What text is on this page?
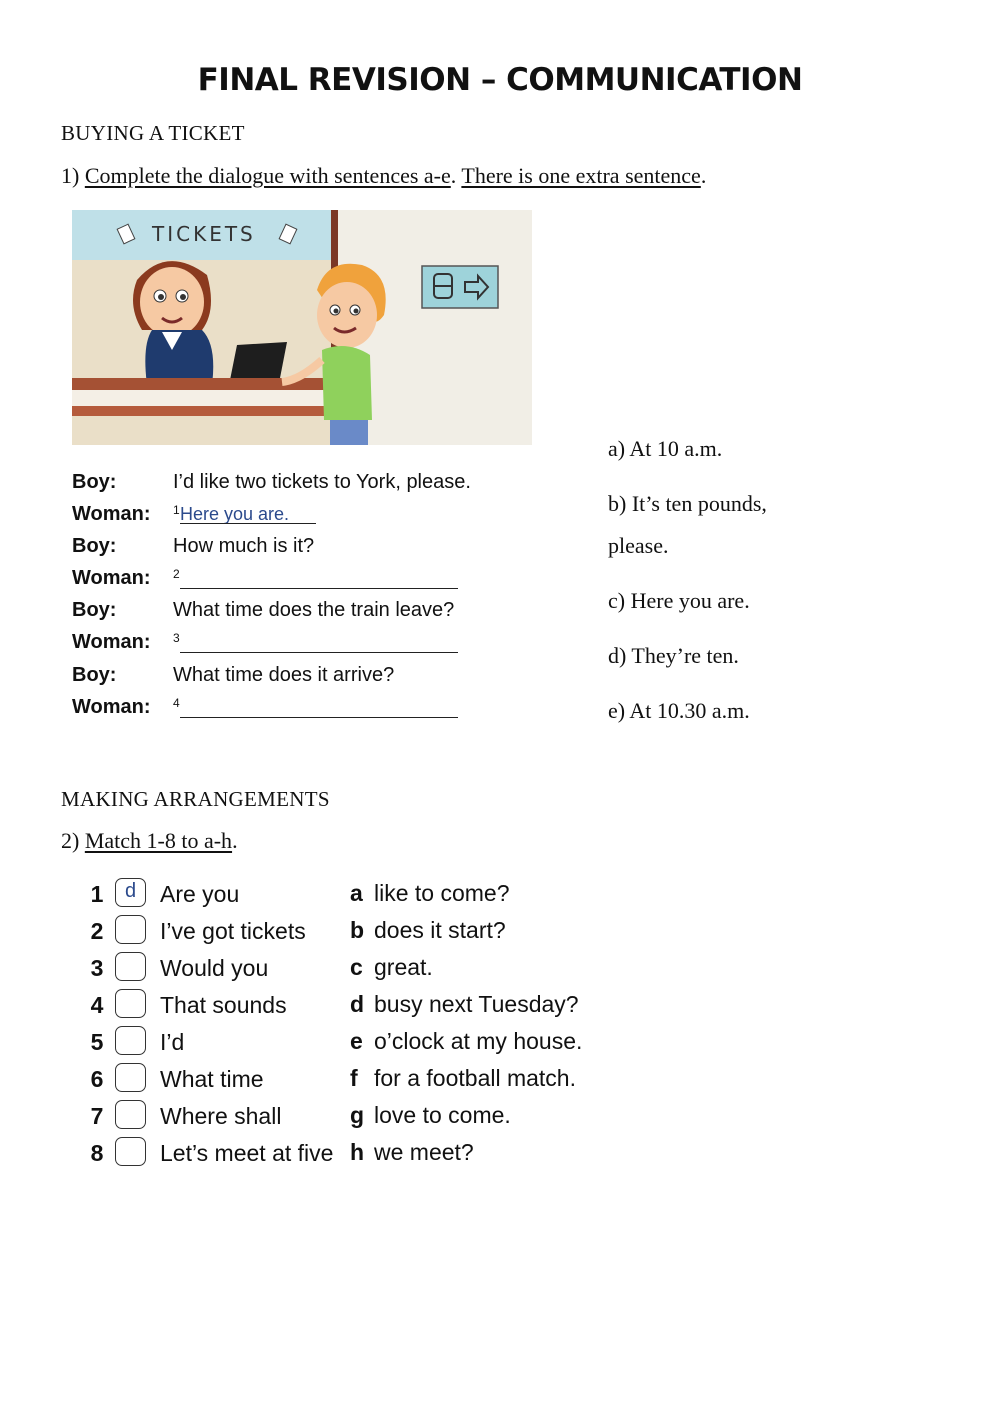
FINAL REVISION – COMMUNICATION
BUYING A TICKET
1) Complete the dialogue with sentences a-e. There is one extra sentence.
TICKETS
Boy:	I’d like two tickets to York, please.
Woman: 1 Here you are.
Boy:	How much is it?
Woman: 2
Boy:	What time does the train leave?
Woman: 3
Boy:	What time does it arrive?
Woman: 4
a) At 10 a.m.
b) It’s ten pounds,
please.
c) Here you are.
d) They’re ten.
e) At 10.30 a.m.
MAKING ARRANGEMENTS
2) Match 1-8 to a-h.
1	d	Are you	a like to come?
2 I’ve got tickets b does it start?
3 Would you	c great.
4 That sounds	d busy next Tuesday?
5 I’d	e o’clock at my house.
6 What time	f for a football match.
7 Where shall	g love to come.
8 Let’s meet at five h we meet?
